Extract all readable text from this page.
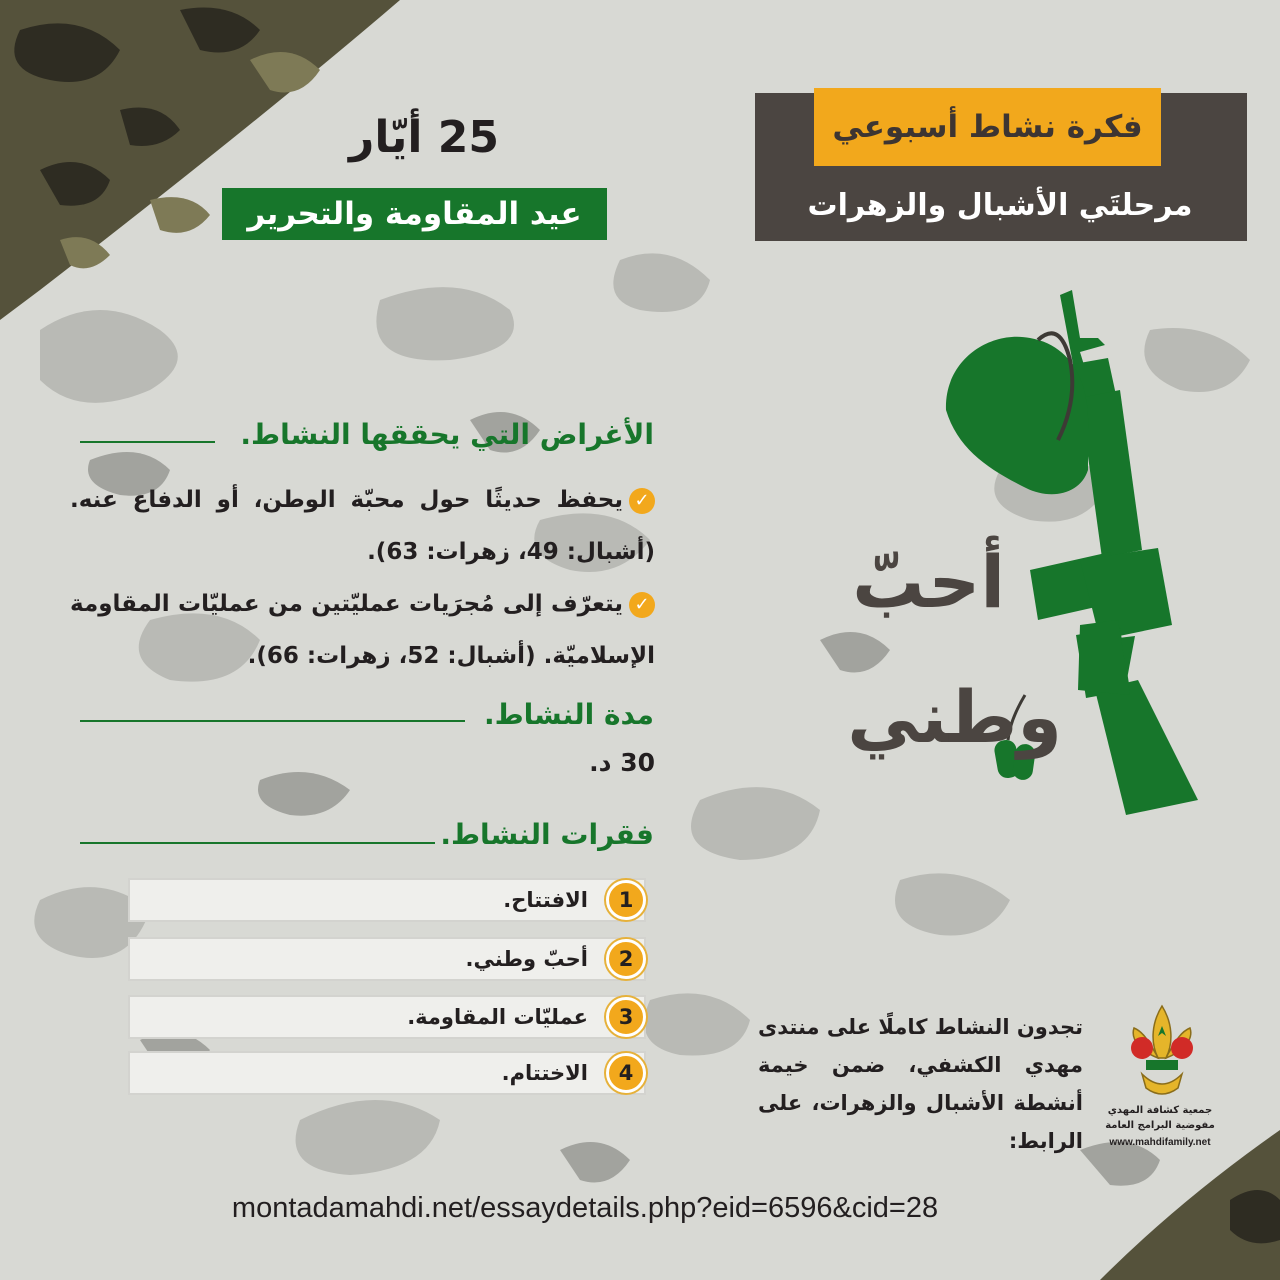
فكرة نشاط أسبوعي
مرحلتَي الأشبال والزهرات
25 أيّار
عيد المقاومة والتحرير
أحبّ
وطني
الأغراض التي يحققها النشاط.
✓يحفظ حديثًا حول محبّة الوطن، أو الدفاع عنه. (أشبال: 49، زهرات: 63).
✓يتعرّف إلى مُجرَيات عمليّتين من عمليّات المقاومة الإسلاميّة. (أشبال: 52، زهرات: 66).
مدة النشاط.
30 د.
فقرات النشاط.
الافتتاح.	1
أحبّ وطني.	2
عمليّات المقاومة.	3
الاختتام.	4
تجدون النشاط كاملًا على منتدى مهدي الكشفي، ضمن خيمة أنشطة الأشبال والزهرات، على الرابط:
جمعية كشافة المهدي
مفوضية البرامج العامة
www.mahdifamily.net
montadamahdi.net/essaydetails.php?eid=6596&cid=28
